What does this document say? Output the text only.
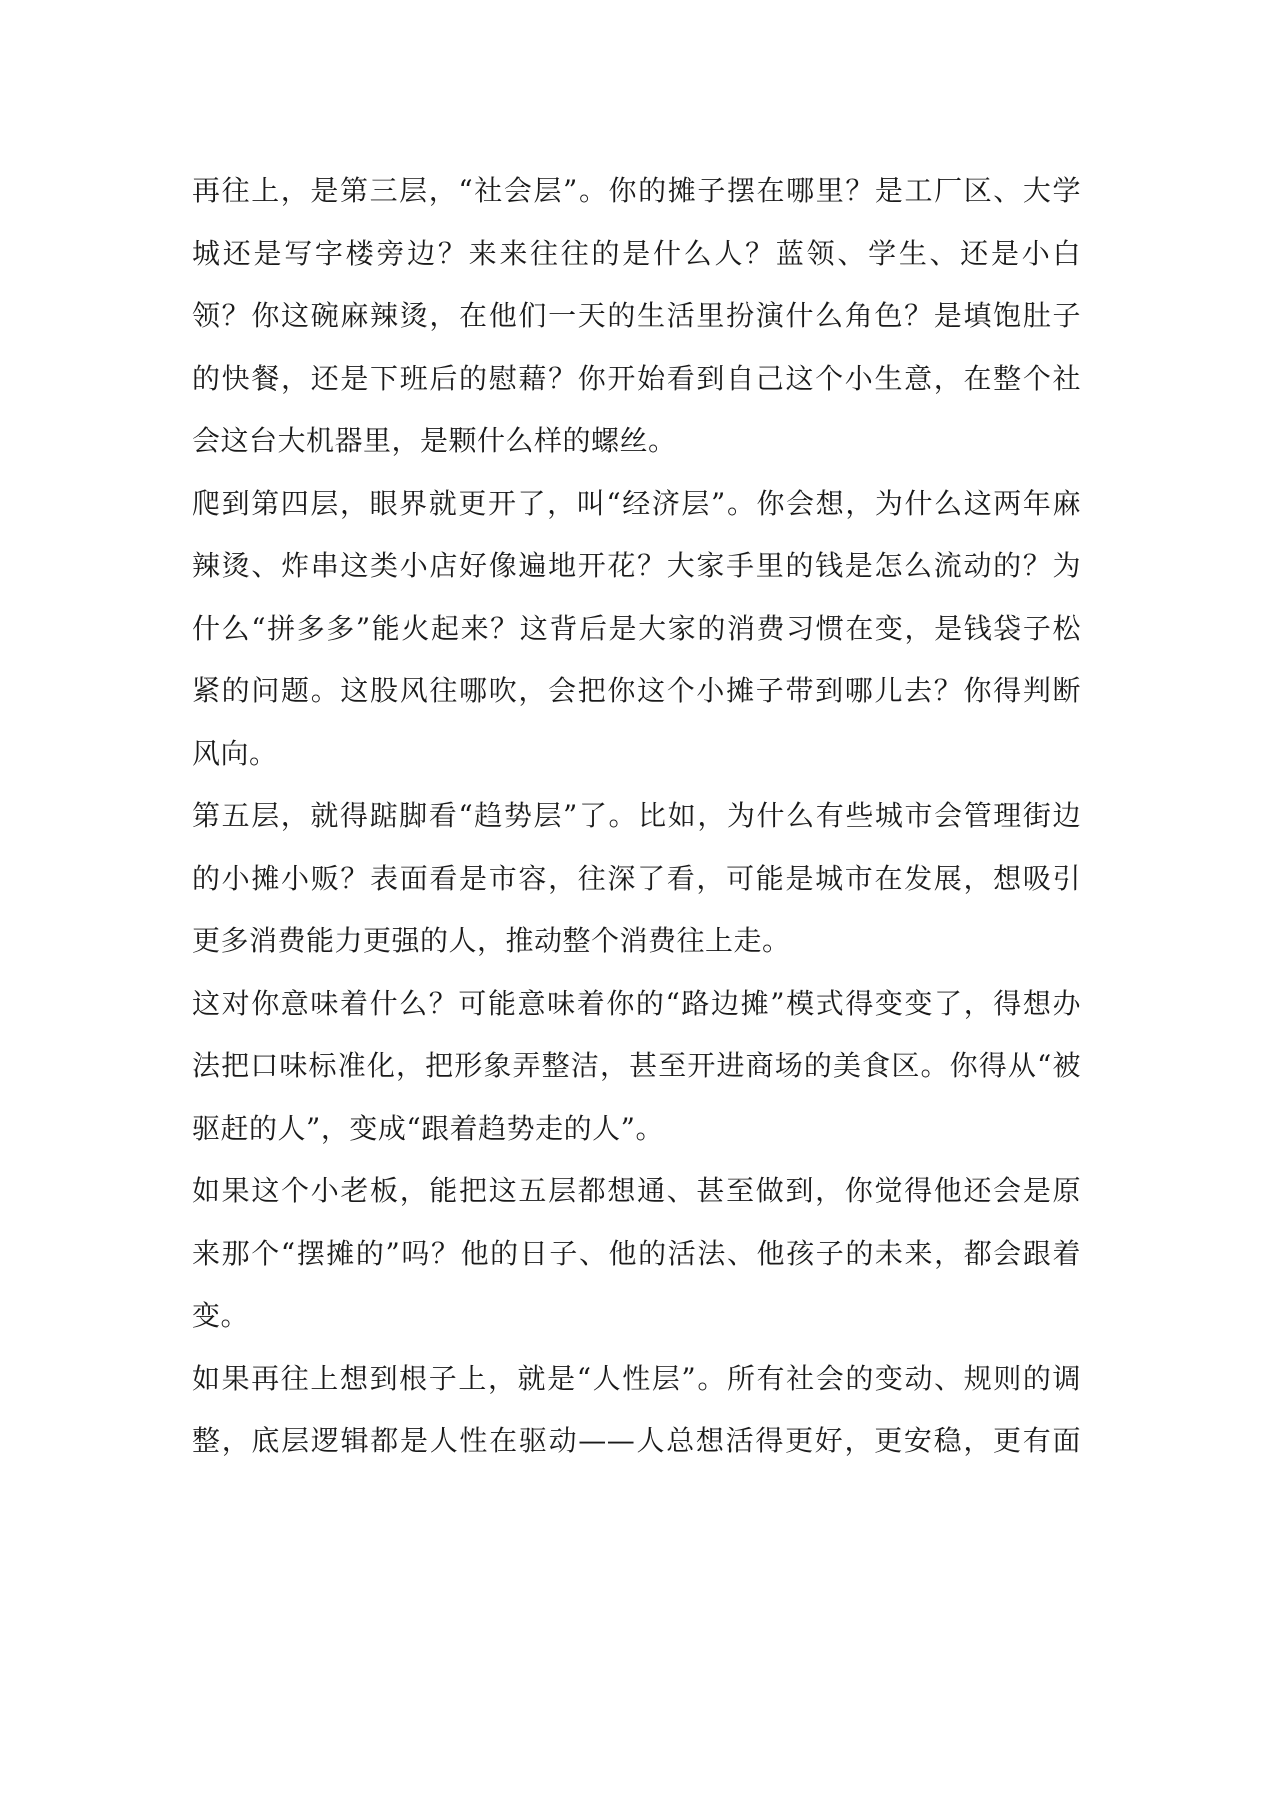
再往上，是第三层，“社会层”。你的摊子摆在哪里？是工厂区、大学
城还是写字楼旁边？来来往往的是什么人？蓝领、学生、还是小白
领？你这碗麻辣烫，在他们一天的生活里扮演什么角色？是填饱肚子
的快餐，还是下班后的慰藉？你开始看到自己这个小生意，在整个社
会这台大机器里，是颗什么样的螺丝。
爬到第四层，眼界就更开了，叫“经济层”。你会想，为什么这两年麻
辣烫、炸串这类小店好像遍地开花？大家手里的钱是怎么流动的？为
什么“拼多多”能火起来？这背后是大家的消费习惯在变，是钱袋子松
紧的问题。这股风往哪吹，会把你这个小摊子带到哪儿去？你得判断
风向。
第五层，就得踮脚看“趋势层”了。比如，为什么有些城市会管理街边
的小摊小贩？表面看是市容，往深了看，可能是城市在发展，想吸引
更多消费能力更强的人，推动整个消费往上走。
这对你意味着什么？可能意味着你的“路边摊”模式得变变了，得想办
法把口味标准化，把形象弄整洁，甚至开进商场的美食区。你得从“被
驱赶的人”，变成“跟着趋势走的人”。
如果这个小老板，能把这五层都想通、甚至做到，你觉得他还会是原
来那个“摆摊的”吗？他的日子、他的活法、他孩子的未来，都会跟着
变。
如果再往上想到根子上，就是“人性层”。所有社会的变动、规则的调
整，底层逻辑都是人性在驱动——人总想活得更好，更安稳，更有面
